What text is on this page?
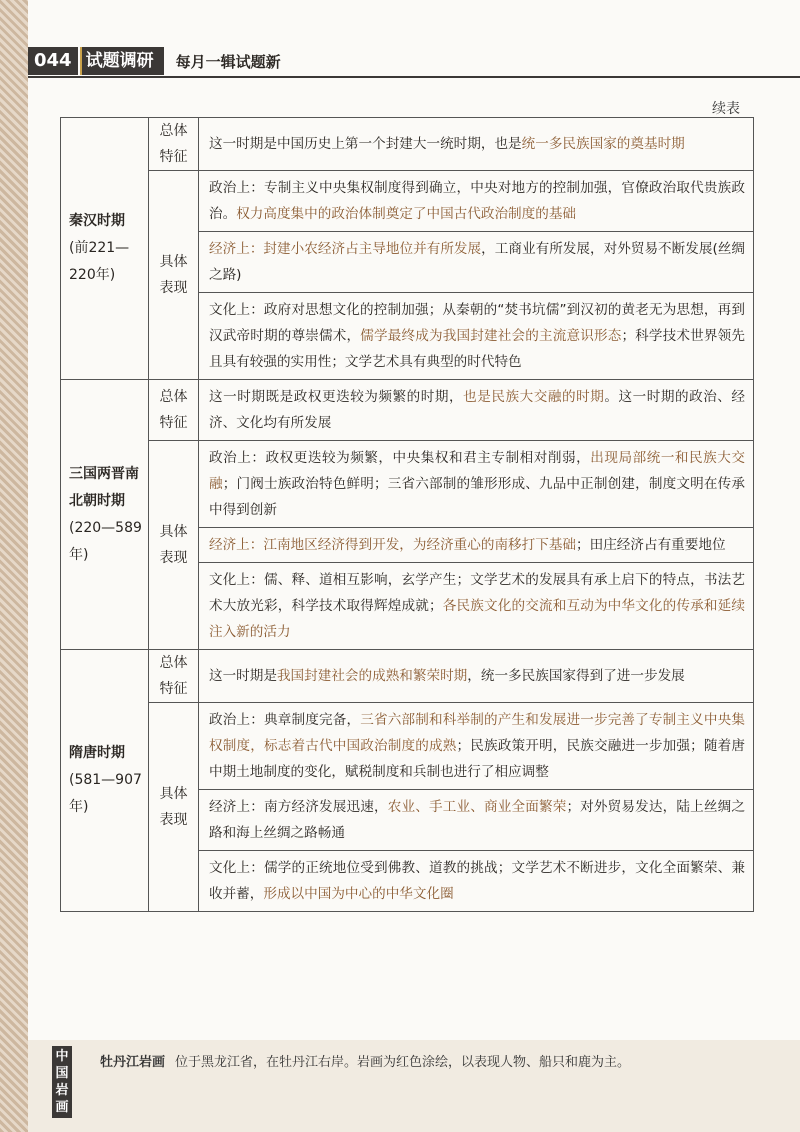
044 试题调研	每月一辑试题新
续表
秦汉时期(前221—220年)	总体特征	这一时期是中国历史上第一个封建大一统时期，也是统一多民族国家的奠基时期
	具体表现	政治上：专制主义中央集权制度得到确立，中央对地方的控制加强，官僚政治取代贵族政治。权力高度集中的政治体制奠定了中国古代政治制度的基础
		经济上：封建小农经济占主导地位并有所发展，工商业有所发展，对外贸易不断发展(丝绸之路)
		文化上：政府对思想文化的控制加强；从秦朝的“焚书坑儒”到汉初的黄老无为思想，再到汉武帝时期的尊崇儒术，儒学最终成为我国封建社会的主流意识形态；科学技术世界领先且具有较强的实用性；文学艺术具有典型的时代特色
三国两晋南北朝时期(220—589年)	总体特征	这一时期既是政权更迭较为频繁的时期，也是民族大交融的时期。这一时期的政治、经济、文化均有所发展
	具体表现	政治上：政权更迭较为频繁，中央集权和君主专制相对削弱，出现局部统一和民族大交融；门阀士族政治特色鲜明；三省六部制的雏形形成、九品中正制创建，制度文明在传承中得到创新
		经济上：江南地区经济得到开发，为经济重心的南移打下基础；田庄经济占有重要地位
		文化上：儒、释、道相互影响，玄学产生；文学艺术的发展具有承上启下的特点，书法艺术大放光彩，科学技术取得辉煌成就；各民族文化的交流和互动为中华文化的传承和延续注入新的活力
隋唐时期(581—907年)	总体特征	这一时期是我国封建社会的成熟和繁荣时期，统一多民族国家得到了进一步发展
	具体表现	政治上：典章制度完备，三省六部制和科举制的产生和发展进一步完善了专制主义中央集权制度，标志着古代中国政治制度的成熟；民族政策开明，民族交融进一步加强；随着唐中期土地制度的变化，赋税制度和兵制也进行了相应调整
		经济上：南方经济发展迅速，农业、手工业、商业全面繁荣；对外贸易发达，陆上丝绸之路和海上丝绸之路畅通
		文化上：儒学的正统地位受到佛教、道教的挑战；文学艺术不断进步，文化全面繁荣、兼收并蓄，形成以中国为中心的中华文化圈
中国岩画
牡丹江岩画 位于黑龙江省，在牡丹江右岸。岩画为红色涂绘，以表现人物、船只和鹿为主。
